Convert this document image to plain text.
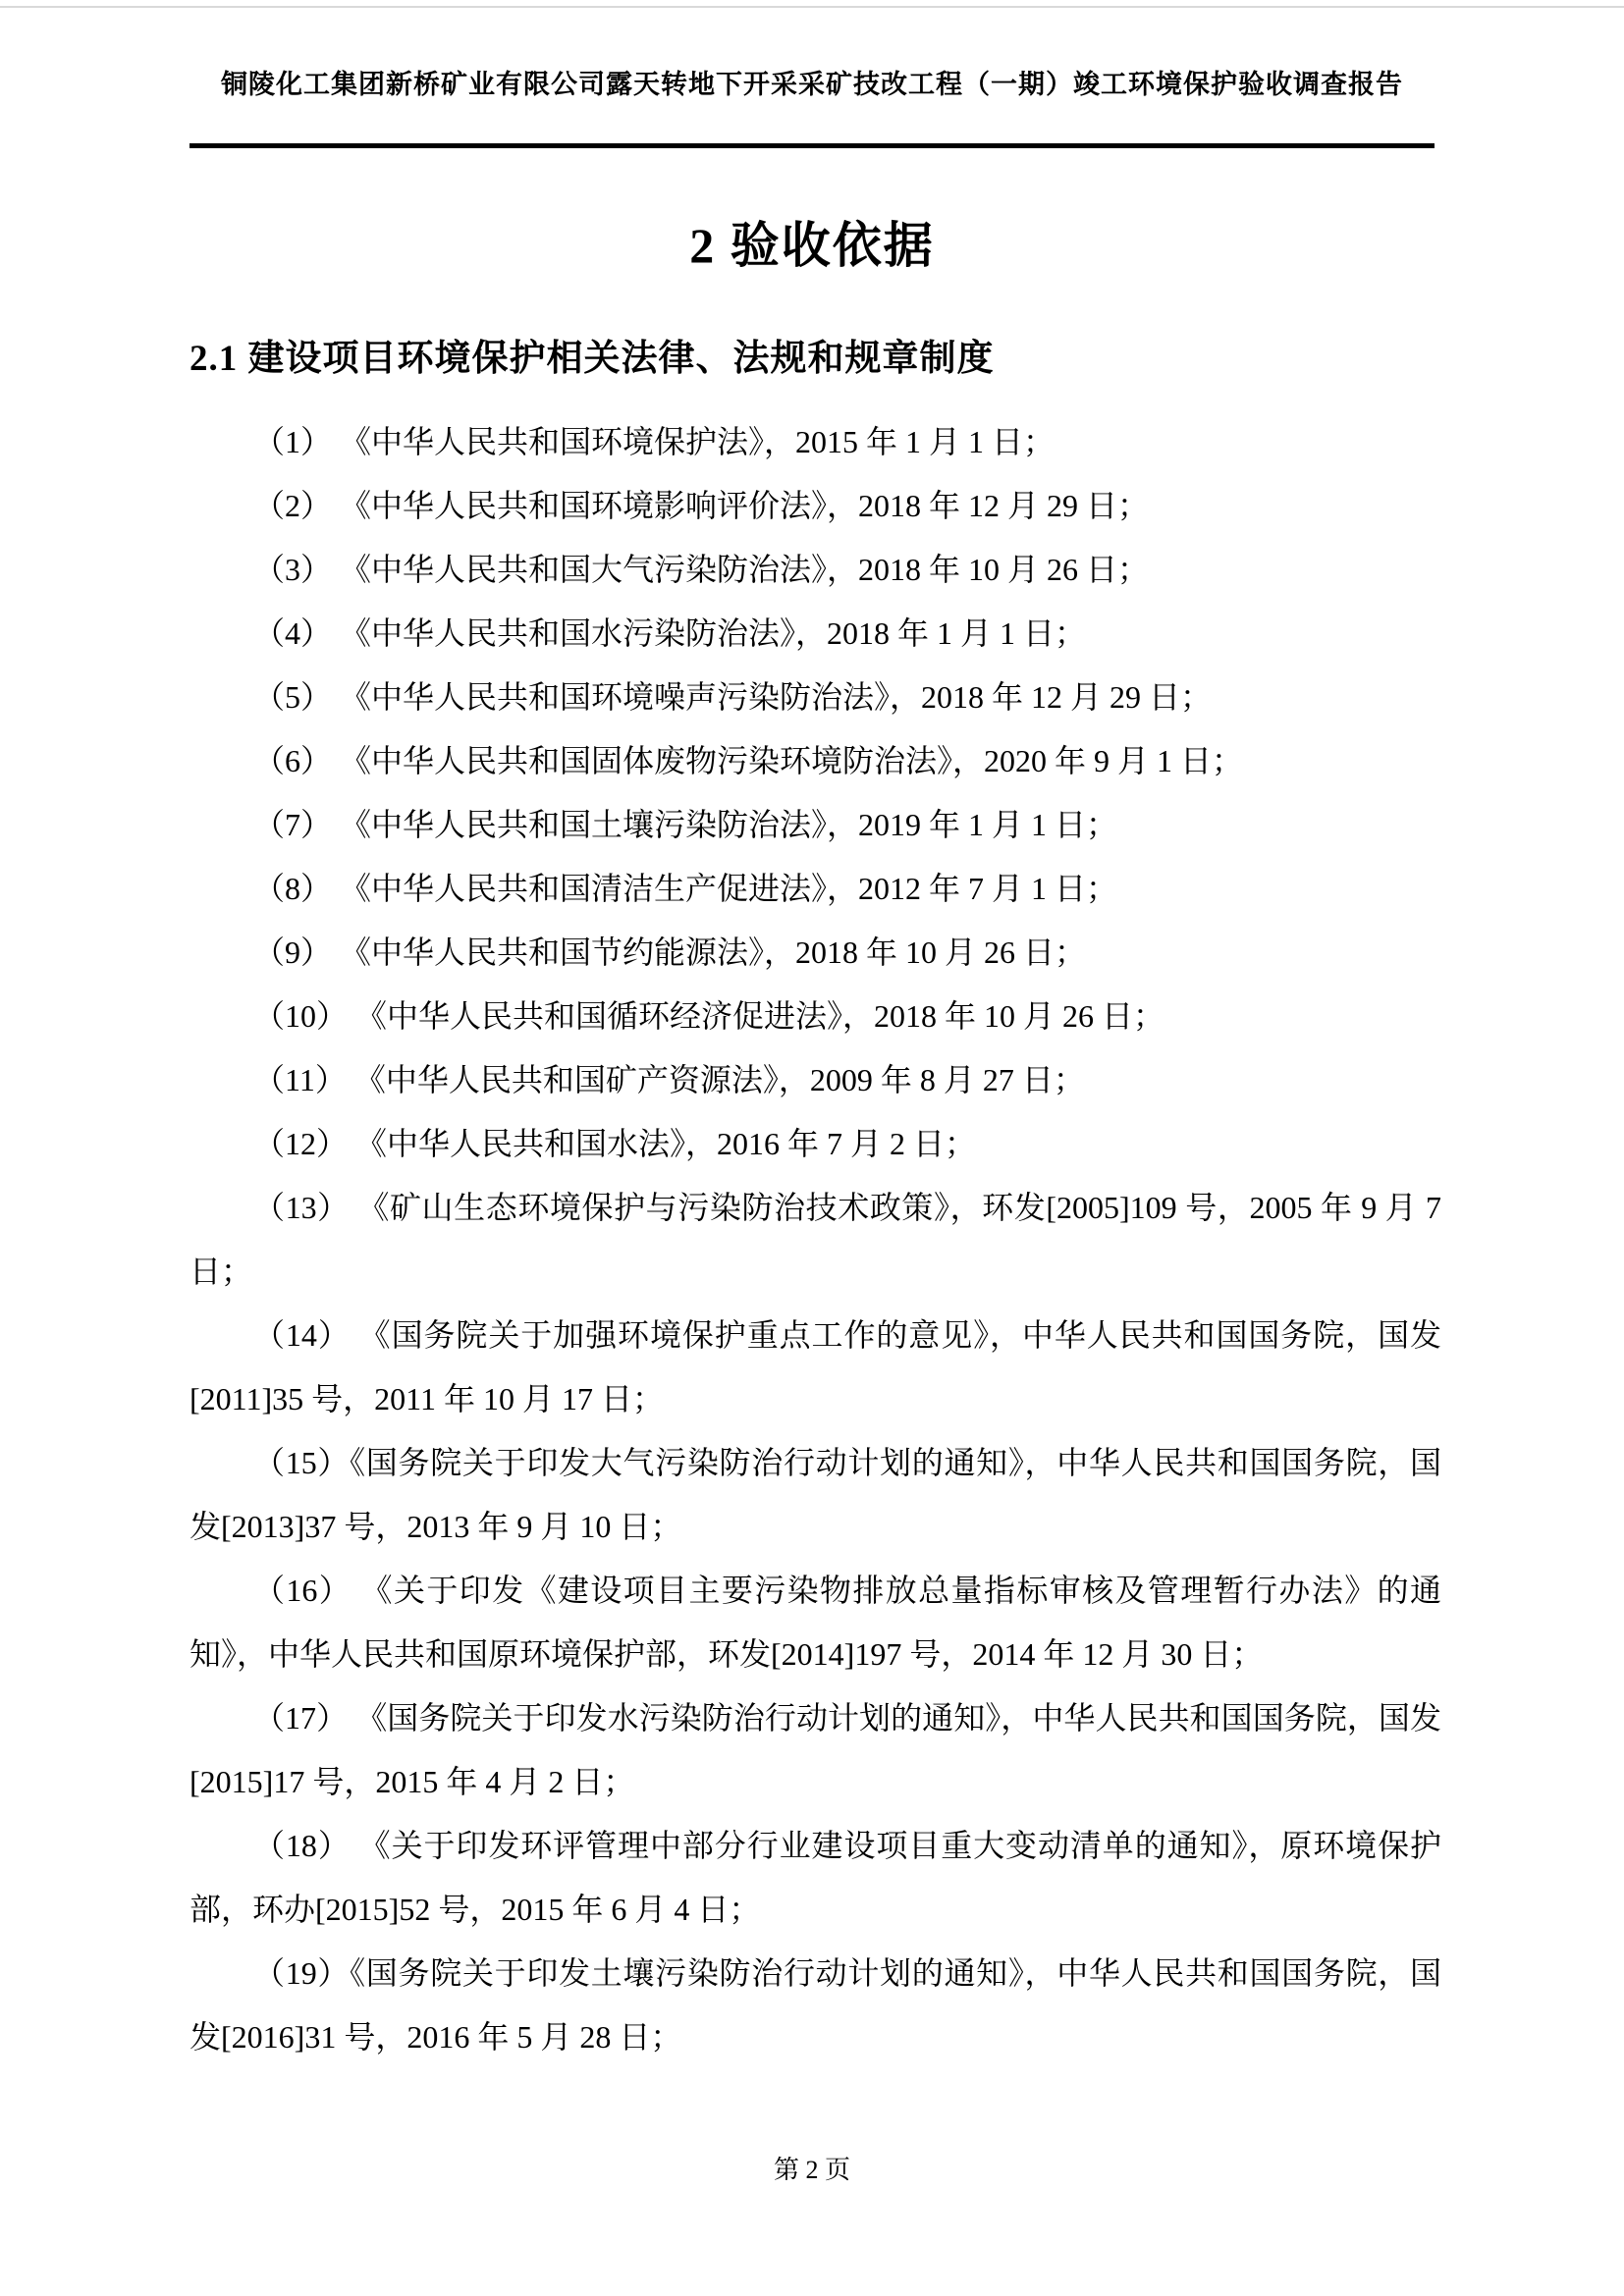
铜陵化工集团新桥矿业有限公司露天转地下开采采矿技改工程（一期）竣工环境保护验收调查报告
2 验收依据
2.1 建设项目环境保护相关法律、法规和规章制度

（1） 《中华人民共和国环境保护法》，2015 年 1 月 1 日；

（2） 《中华人民共和国环境影响评价法》，2018 年 12 月 29 日；

（3） 《中华人民共和国大气污染防治法》，2018 年 10 月 26 日；

（4） 《中华人民共和国水污染防治法》，2018 年 1 月 1 日；

（5） 《中华人民共和国环境噪声污染防治法》，2018 年 12 月 29 日；

（6） 《中华人民共和国固体废物污染环境防治法》，2020 年 9 月 1 日；

（7） 《中华人民共和国土壤污染防治法》，2019 年 1 月 1 日；

（8） 《中华人民共和国清洁生产促进法》，2012 年 7 月 1 日；

（9） 《中华人民共和国节约能源法》，2018 年 10 月 26 日；

（10） 《中华人民共和国循环经济促进法》，2018 年 10 月 26 日；

（11） 《中华人民共和国矿产资源法》，2009 年 8 月 27 日；

（12） 《中华人民共和国水法》，2016 年 7 月 2 日；

（13） 《矿山生态环境保护与污染防治技术政策》，环发[2005]109 号，2005 年 9 月 7 日；

（14） 《国务院关于加强环境保护重点工作的意见》，中华人民共和国国务院，国发[2011]35 号，2011 年 10 月 17 日；

（15）《国务院关于印发大气污染防治行动计划的通知》，中华人民共和国国务院，国发[2013]37 号，2013 年 9 月 10 日；

（16） 《关于印发《建设项目主要污染物排放总量指标审核及管理暂行办法》的通知》，中华人民共和国原环境保护部，环发[2014]197 号，2014 年 12 月 30 日；

（17） 《国务院关于印发水污染防治行动计划的通知》，中华人民共和国国务院，国发[2015]17 号，2015 年 4 月 2 日；

（18） 《关于印发环评管理中部分行业建设项目重大变动清单的通知》，原环境保护部，环办[2015]52 号，2015 年 6 月 4 日；

（19）《国务院关于印发土壤污染防治行动计划的通知》，中华人民共和国国务院，国发[2016]31 号，2016 年 5 月 28 日；

第 2 页
